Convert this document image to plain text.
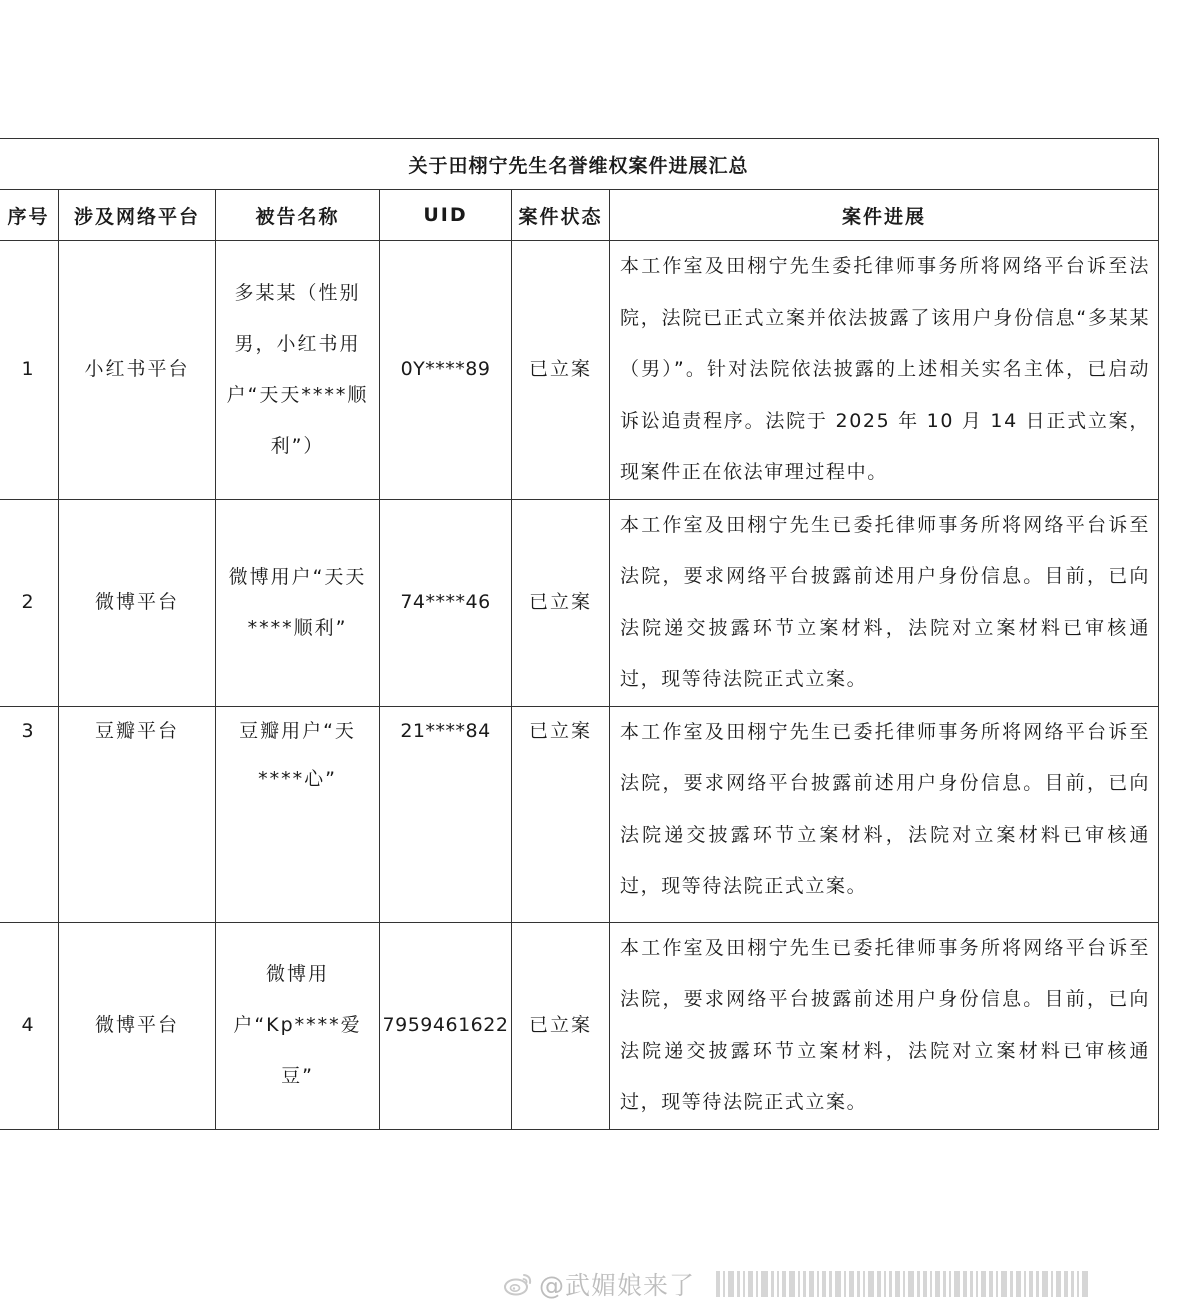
关于田栩宁先生名誉维权案件进展汇总					
序号	涉及网络平台	被告名称	UID	案件状态	案件进展

1	小红书平台	多某某（性别男，小红书用户“天天****顺利”）	0Y****89	已立案	本工作室及田栩宁先生委托律师事务所将网络平台诉至法院，法院已正式立案并依法披露了该用户身份信息“多某某（男）”。针对法院依法披露的上述相关实名主体，已启动诉讼追责程序。法院于 2025 年 10 月 14 日正式立案，现案件正在依法审理过程中。

2	微博平台	微博用户“天天****顺利”	74****46	已立案	本工作室及田栩宁先生已委托律师事务所将网络平台诉至法院，要求网络平台披露前述用户身份信息。目前，已向法院递交披露环节立案材料，法院对立案材料已审核通过，现等待法院正式立案。

3	豆瓣平台	豆瓣用户“天****心”	21****84	已立案	本工作室及田栩宁先生已委托律师事务所将网络平台诉至法院，要求网络平台披露前述用户身份信息。目前，已向法院递交披露环节立案材料，法院对立案材料已审核通过，现等待法院正式立案。

4	微博平台	微博用户“Kp****爱豆”	7959461622	已立案	本工作室及田栩宁先生已委托律师事务所将网络平台诉至法院，要求网络平台披露前述用户身份信息。目前，已向法院递交披露环节立案材料，法院对立案材料已审核通过，现等待法院正式立案。
@武媚娘来了
